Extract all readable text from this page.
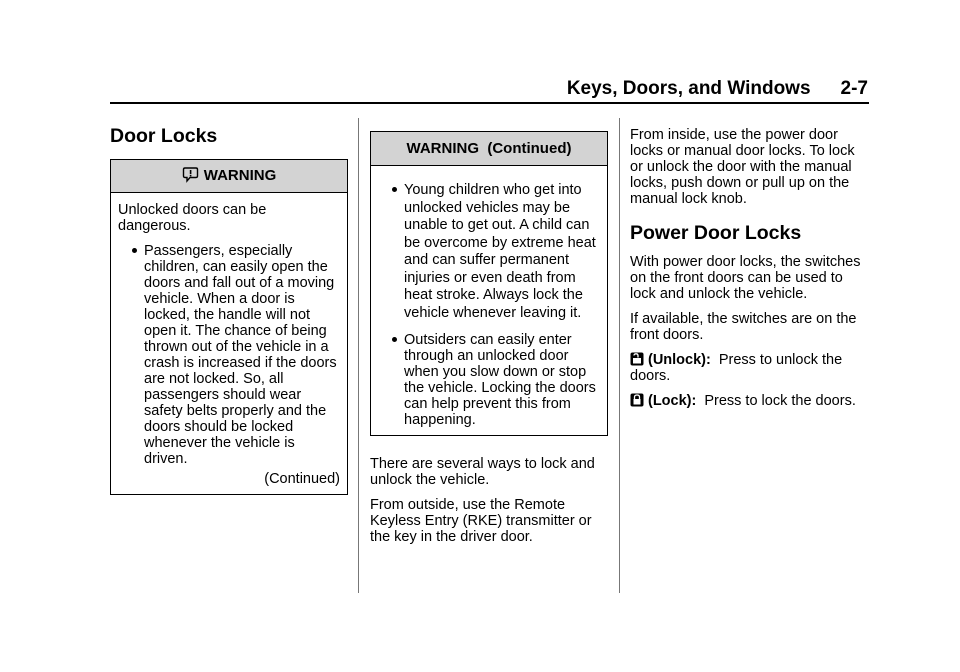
Keys, Doors, and Windows 2-7
Door Locks
WARNING

Unlocked doors can be dangerous.

Passengers, especially children, can easily open the doors and fall out of a moving vehicle. When a door is locked, the handle will not open it. The chance of being thrown out of the vehicle in a crash is increased if the doors are not locked. So, all passengers should wear safety belts properly and the doors should be locked whenever the vehicle is driven.
(Continued)
WARNING  (Continued)
Young children who get into unlocked vehicles may be unable to get out. A child can be overcome by extreme heat and can suffer permanent injuries or even death from heat stroke. Always lock the vehicle whenever leaving it.
Outsiders can easily enter through an unlocked door when you slow down or stop the vehicle. Locking the doors can help prevent this from happening.

There are several ways to lock and unlock the vehicle.

From outside, use the Remote Keyless Entry (RKE) transmitter or the key in the driver door.

From inside, use the power door locks or manual door locks. To lock or unlock the door with the manual locks, push down or pull up on the manual lock knob.

Power Door Locks

With power door locks, the switches on the front doors can be used to lock and unlock the vehicle.

If available, the switches are on the front doors.

(Unlock): Press to unlock the doors.

(Lock): Press to lock the doors.
